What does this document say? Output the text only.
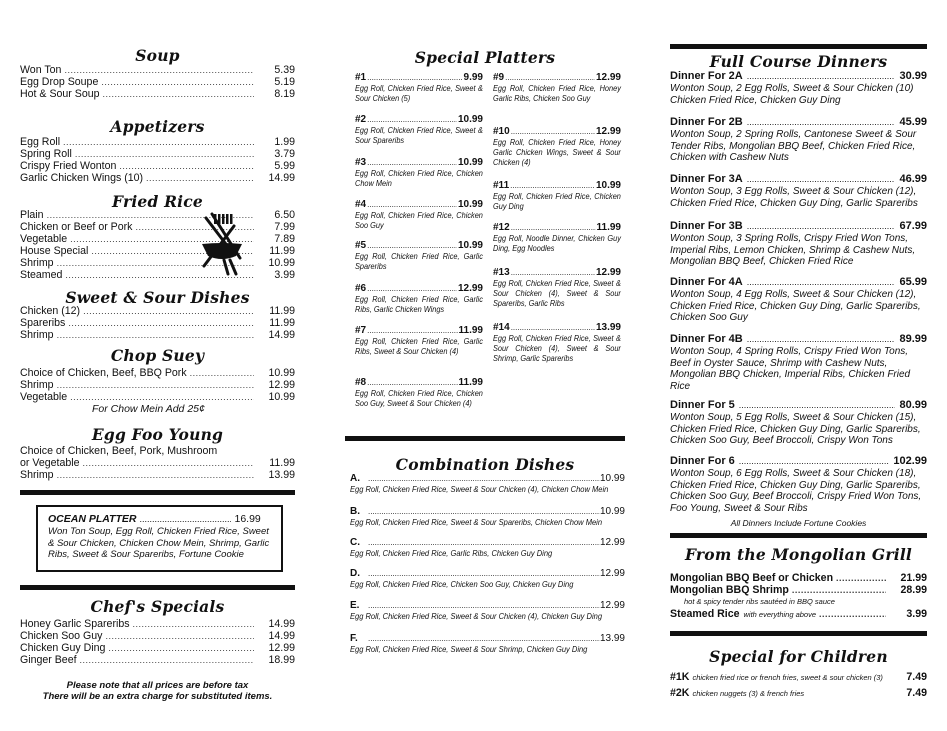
Soup
Won Ton .....	5.39
Egg Drop Soupe .....	5.19
Hot & Sour Soup .....	8.19
Appetizers
Egg Roll .....	1.99
Spring Roll .....	3.79
Crispy Fried Wonton .....	5.99
Garlic Chicken Wings (10) .....	14.99
Fried Rice
Plain .....	6.50
Chicken or Beef or Pork .....	7.99
Vegetable .....	7.89
House Special .....	11.99
Shrimp .....	10.99
Steamed .....	3.99
Sweet & Sour Dishes
Chicken (12) .....	11.99
Spareribs .....	11.99
Shrimp .....	14.99
Chop Suey
Choice of Chicken, Beef, BBQ Pork .....	10.99
Shrimp .....	12.99
Vegetable .....	10.99
For Chow Mein Add 25¢
Egg Foo Young
Choice of Chicken, Beef, Pork, Mushroom
or Vegetable .....	11.99
Shrimp .....	13.99
OCEAN PLATTER .....	16.99
Won Ton Soup, Egg Roll, Chicken Fried Rice, Sweet & Sour Chicken, Chicken Chow Mein, Shrimp, Garlic Ribs, Sweet & Sour Spareribs, Fortune Cookie
Chef's Specials
Honey Garlic Spareribs .....	14.99
Chicken Soo Guy .....	14.99
Chicken Guy Ding .....	12.99
Ginger Beef .....	18.99
Please note that all prices are before tax
There will be an extra charge for substituted items.
Special Platters
#1 .....	9.99
Egg Roll, Chicken Fried Rice, Sweet & Sour Chicken (5)
#2 .....	10.99
Egg Roll, Chicken Fried Rice, Sweet & Sour Spareribs
#3 .....	10.99
Egg Roll, Chicken Fried Rice, Chicken Chow Mein
#4 .....	10.99
Egg Roll, Chicken Fried Rice, Chicken Soo Guy
#5 .....	10.99
Egg Roll, Chicken Fried Rice, Garlic Spareribs
#6 .....	12.99
Egg Roll, Chicken Fried Rice, Garlic Ribs, Garlic Chicken Wings
#7 .....	11.99
Egg Roll, Chicken Fried Rice, Garlic Ribs, Sweet & Sour Chicken (4)
#8 .....	11.99
Egg Roll, Chicken Fried Rice, Chicken Soo Guy, Sweet & Sour Chicken (4)
#9 .....	12.99
Egg Roll, Chicken Fried Rice, Honey Garlic Ribs, Chicken Soo Guy
#10 .....	12.99
Egg Roll, Chicken Fried Rice, Honey Garlic Chicken Wings, Sweet & Sour Chicken (4)
#11 .....	10.99
Egg Roll, Chicken Fried Rice, Chicken Guy Ding
#12 .....	11.99
Egg Roll, Noodle Dinner, Chicken Guy Ding, Egg Noodles
#13 .....	12.99
Egg Roll, Chicken Fried Rice, Sweet & Sour Chicken (4), Sweet & Sour Spareribs, Garlic Ribs
#14 .....	13.99
Egg Roll, Chicken Fried Rice, Sweet & Sour Chicken (4), Sweet & Sour Shrimp, Garlic Spareribs
Combination Dishes
A. .....	10.99
Egg Roll, Chicken Fried Rice, Sweet & Sour Chicken (4), Chicken Chow Mein
B. .....	10.99
Egg Roll, Chicken Fried Rice, Sweet & Sour Spareribs, Chicken Chow Mein
C. .....	12.99
Egg Roll, Chicken Fried Rice, Garlic Ribs, Chicken Guy Ding
D. .....	12.99
Egg Roll, Chicken Fried Rice, Chicken Soo Guy, Chicken Guy Ding
E. .....	12.99
Egg Roll, Chicken Fried Rice, Sweet & Sour Chicken (4), Chicken Guy Ding
F. .....	13.99
Egg Roll, Chicken Fried Rice, Sweet & Sour Shrimp, Chicken Guy Ding
Full Course Dinners
Dinner For 2A .....	30.99
Wonton Soup, 2 Egg Rolls, Sweet & Sour Chicken (10) Chicken Fried Rice, Chicken Guy Ding
Dinner For 2B .....	45.99
Wonton Soup, 2 Spring Rolls, Cantonese Sweet & Sour Tender Ribs, Mongolian BBQ Beef, Chicken Fried Rice, Chicken with Cashew Nuts
Dinner For 3A .....	46.99
Wonton Soup, 3 Egg Rolls, Sweet & Sour Chicken (12), Chicken Fried Rice, Chicken Guy Ding, Garlic Spareribs
Dinner For 3B .....	67.99
Wonton Soup, 3 Spring Rolls, Crispy Fried Won Tons, Imperial Ribs, Lemon Chicken, Shrimp & Cashew Nuts, Mongolian BBQ Beef, Chicken Fried Rice
Dinner For 4A .....	65.99
Wonton Soup, 4 Egg Rolls, Sweet & Sour Chicken (12), Chicken Fried Rice, Chicken Guy Ding, Garlic Spareribs, Chicken Soo Guy
Dinner For 4B .....	89.99
Wonton Soup, 4 Spring Rolls, Crispy Fried Won Tons, Beef in Oyster Sauce, Shrimp with Cashew Nuts, Mongolian BBQ Chicken, Imperial Ribs, Chicken Fried Rice
Dinner For 5 .....	80.99
Wonton Soup, 5 Egg Rolls, Sweet & Sour Chicken (15), Chicken Fried Rice, Chicken Guy Ding, Garlic Spareribs, Chicken Soo Guy, Beef Broccoli, Crispy Won Tons
Dinner For 6 .....	102.99
Wonton Soup, 6 Egg Rolls, Sweet & Sour Chicken (18), Chicken Fried Rice, Chicken Guy Ding, Garlic Spareribs, Chicken Soo Guy, Beef Broccoli, Crispy Fried Won Tons, Foo Young, Sweet & Sour Ribs
All Dinners Include Fortune Cookies
From the Mongolian Grill
Mongolian BBQ Beef or Chicken .....	21.99
Mongolian BBQ Shrimp .....	28.99
hot & spicy tender ribs sautéed in BBQ sauce
Steamed Rice with everything above .....	3.99
Special for Children
#1K chicken fried rice or french fries, sweet & sour chicken (3)	7.49
#2K chicken nuggets (3) & french fries	7.49
